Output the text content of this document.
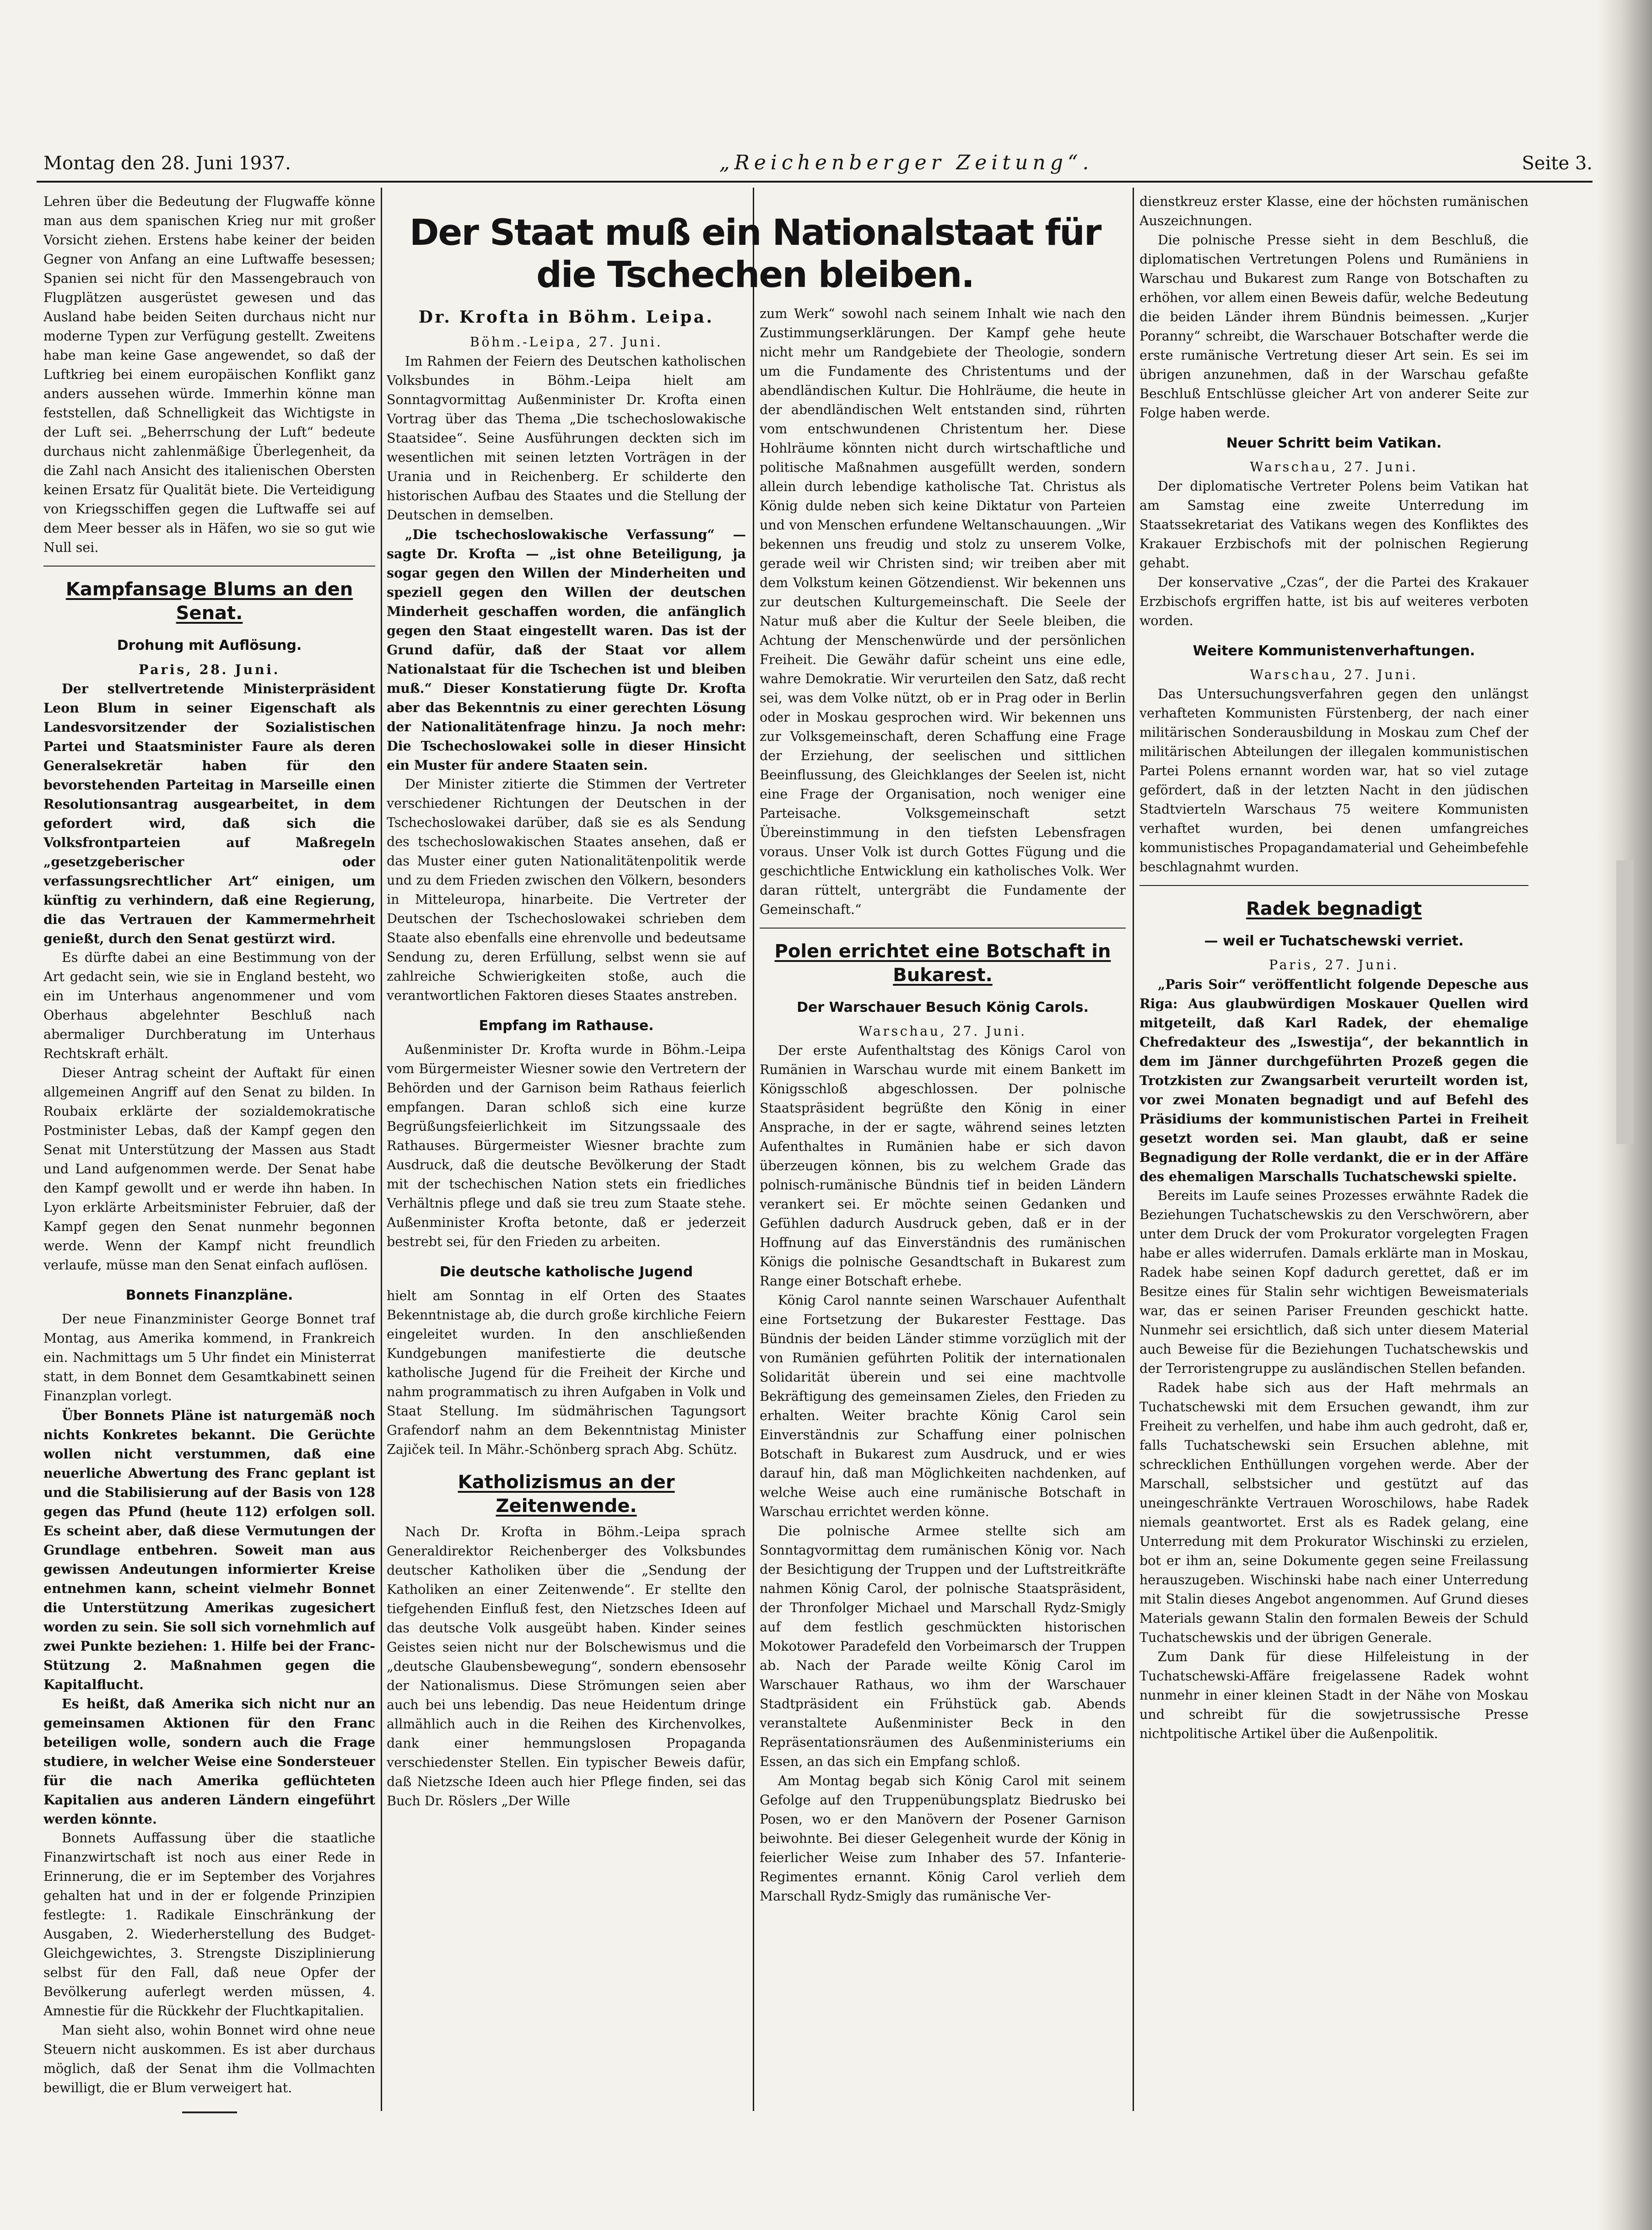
Montag den 28. Juni 1937.	„Reichenberger Zeitung“.	Seite 3.

Lehren über die Bedeutung der Flugwaffe könne man aus dem spanischen Krieg nur mit großer Vorsicht ziehen. Erstens habe keiner der beiden Gegner von Anfang an eine Luftwaffe besessen; Spanien sei nicht für den Massengebrauch von Flugplätzen ausgerüstet gewesen und das Ausland habe beiden Seiten durchaus nicht nur moderne Typen zur Verfügung gestellt. Zweitens habe man keine Gase angewendet, so daß der Luftkrieg bei einem europäischen Konflikt ganz anders aussehen würde. Immerhin könne man feststellen, daß Schnelligkeit das Wichtigste in der Luft sei. „Beherrschung der Luft“ bedeute durchaus nicht zahlenmäßige Überlegenheit, da die Zahl nach Ansicht des italienischen Obersten keinen Ersatz für Qualität biete. Die Verteidigung von Kriegsschiffen gegen die Luftwaffe sei auf dem Meer besser als in Häfen, wo sie so gut wie Null sei.

Kampfansage Blums an den Senat.
Drohung mit Auflösung.

Paris, 28. Juni.

Der stellvertretende Ministerpräsident Leon Blum in seiner Eigenschaft als Landesvorsitzender der Sozialistischen Partei und Staatsminister Faure als deren Generalsekretär haben für den bevorstehenden Parteitag in Marseille einen Resolutionsantrag ausgearbeitet, in dem gefordert wird, daß sich die Volksfrontparteien auf Maßregeln „gesetzgeberischer oder verfassungsrechtlicher Art“ einigen, um künftig zu verhindern, daß eine Regierung, die das Vertrauen der Kammermehrheit genießt, durch den Senat gestürzt wird.

Es dürfte dabei an eine Bestimmung von der Art gedacht sein, wie sie in England besteht, wo ein im Unterhaus angenommener und vom Oberhaus abgelehnter Beschluß nach abermaliger Durchberatung im Unterhaus Rechtskraft erhält.

Dieser Antrag scheint der Auftakt für einen allgemeinen Angriff auf den Senat zu bilden. In Roubaix erklärte der sozialdemokratische Postminister Lebas, daß der Kampf gegen den Senat mit Unterstützung der Massen aus Stadt und Land aufgenommen werde. Der Senat habe den Kampf gewollt und er werde ihn haben. In Lyon erklärte Arbeitsminister Februier, daß der Kampf gegen den Senat nunmehr begonnen werde. Wenn der Kampf nicht freundlich verlaufe, müsse man den Senat einfach auflösen.

Bonnets Finanzpläne.

Der neue Finanzminister George Bonnet traf Montag, aus Amerika kommend, in Frankreich ein. Nachmittags um 5 Uhr findet ein Ministerrat statt, in dem Bonnet dem Gesamtkabinett seinen Finanzplan vorlegt.

Über Bonnets Pläne ist naturgemäß noch nichts Konkretes bekannt. Die Gerüchte wollen nicht verstummen, daß eine neuerliche Abwertung des Franc geplant ist und die Stabilisierung auf der Basis von 128 gegen das Pfund (heute 112) erfolgen soll. Es scheint aber, daß diese Vermutungen der Grundlage entbehren. Soweit man aus gewissen Andeutungen informierter Kreise entnehmen kann, scheint vielmehr Bonnet die Unterstützung Amerikas zugesichert worden zu sein. Sie soll sich vornehmlich auf zwei Punkte beziehen: 1. Hilfe bei der Franc-Stützung 2. Maßnahmen gegen die Kapitalflucht.

Es heißt, daß Amerika sich nicht nur an gemeinsamen Aktionen für den Franc beteiligen wolle, sondern auch die Frage studiere, in welcher Weise eine Sondersteuer für die nach Amerika geflüchteten Kapitalien aus anderen Ländern eingeführt werden könnte.

Bonnets Auffassung über die staatliche Finanzwirtschaft ist noch aus einer Rede in Erinnerung, die er im September des Vorjahres gehalten hat und in der er folgende Prinzipien festlegte: 1. Radikale Einschränkung der Ausgaben, 2. Wiederherstellung des Budget-Gleichgewichtes, 3. Strengste Disziplinierung selbst für den Fall, daß neue Opfer der Bevölkerung auferlegt werden müssen, 4. Amnestie für die Rückkehr der Fluchtkapitalien.

Man sieht also, wohin Bonnet wird ohne neue Steuern nicht auskommen. Es ist aber durchaus möglich, daß der Senat ihm die Vollmachten bewilligt, die er Blum verweigert hat.

Der Staat muß ein Nationalstaat für die Tschechen bleiben.
Dr. Krofta in Böhm. Leipa.

Böhm.-Leipa, 27. Juni.

Im Rahmen der Feiern des Deutschen katholischen Volksbundes in Böhm.-Leipa hielt am Sonntagvormittag Außenminister Dr. Krofta einen Vortrag über das Thema „Die tschechoslowakische Staatsidee“. Seine Ausführungen deckten sich im wesentlichen mit seinen letzten Vorträgen in der Urania und in Reichenberg. Er schilderte den historischen Aufbau des Staates und die Stellung der Deutschen in demselben.

„Die tschechoslowakische Verfassung“ — sagte Dr. Krofta — „ist ohne Beteiligung, ja sogar gegen den Willen der Minderheiten und speziell gegen den Willen der deutschen Minderheit geschaffen worden, die anfänglich gegen den Staat eingestellt waren. Das ist der Grund dafür, daß der Staat vor allem Nationalstaat für die Tschechen ist und bleiben muß.“ Dieser Konstatierung fügte Dr. Krofta aber das Bekenntnis zu einer gerechten Lösung der Nationalitätenfrage hinzu. Ja noch mehr: Die Tschechoslowakei solle in dieser Hinsicht ein Muster für andere Staaten sein.

Der Minister zitierte die Stimmen der Vertreter verschiedener Richtungen der Deutschen in der Tschechoslowakei darüber, daß sie es als Sendung des tschechoslowakischen Staates ansehen, daß er das Muster einer guten Nationalitätenpolitik werde und zu dem Frieden zwischen den Völkern, besonders in Mitteleuropa, hinarbeite. Die Vertreter der Deutschen der Tschechoslowakei schrieben dem Staate also ebenfalls eine ehrenvolle und bedeutsame Sendung zu, deren Erfüllung, selbst wenn sie auf zahlreiche Schwierigkeiten stoße, auch die verantwortlichen Faktoren dieses Staates anstreben.

Empfang im Rathause.

Außenminister Dr. Krofta wurde in Böhm.-Leipa vom Bürgermeister Wiesner sowie den Vertretern der Behörden und der Garnison beim Rathaus feierlich empfangen. Daran schloß sich eine kurze Begrüßungsfeierlichkeit im Sitzungssaale des Rathauses. Bürgermeister Wiesner brachte zum Ausdruck, daß die deutsche Bevölkerung der Stadt mit der tschechischen Nation stets ein friedliches Verhältnis pflege und daß sie treu zum Staate stehe. Außenminister Krofta betonte, daß er jederzeit bestrebt sei, für den Frieden zu arbeiten.

Die deutsche katholische Jugend

hielt am Sonntag in elf Orten des Staates Bekenntnistage ab, die durch große kirchliche Feiern eingeleitet wurden. In den anschließenden Kundgebungen manifestierte die deutsche katholische Jugend für die Freiheit der Kirche und nahm programmatisch zu ihren Aufgaben in Volk und Staat Stellung. Im südmährischen Tagungsort Grafendorf nahm an dem Bekenntnistag Minister Zajiček teil. In Mähr.-Schönberg sprach Abg. Schütz.

Katholizismus an der Zeitenwende.

Nach Dr. Krofta in Böhm.-Leipa sprach Generaldirektor Reichenberger des Volksbundes deutscher Katholiken über die „Sendung der Katholiken an einer Zeitenwende“. Er stellte den tiefgehenden Einfluß fest, den Nietzsches Ideen auf das deutsche Volk ausgeübt haben. Kinder seines Geistes seien nicht nur der Bolschewismus und die „deutsche Glaubensbewegung“, sondern ebensosehr der Nationalismus. Diese Strömungen seien aber auch bei uns lebendig. Das neue Heidentum dringe allmählich auch in die Reihen des Kirchenvolkes, dank einer hemmungslosen Propaganda verschiedenster Stellen. Ein typischer Beweis dafür, daß Nietzsche Ideen auch hier Pflege finden, sei das Buch Dr. Röslers „Der Wille

zum Werk“ sowohl nach seinem Inhalt wie nach den Zustimmungserklärungen. Der Kampf gehe heute nicht mehr um Randgebiete der Theologie, sondern um die Fundamente des Christentums und der abendländischen Kultur. Die Hohlräume, die heute in der abendländischen Welt entstanden sind, rührten vom entschwundenen Christentum her. Diese Hohlräume könnten nicht durch wirtschaftliche und politische Maßnahmen ausgefüllt werden, sondern allein durch lebendige katholische Tat. Christus als König dulde neben sich keine Diktatur von Parteien und von Menschen erfundene Weltanschauungen. „Wir bekennen uns freudig und stolz zu unserem Volke, gerade weil wir Christen sind; wir treiben aber mit dem Volkstum keinen Götzendienst. Wir bekennen uns zur deutschen Kulturgemeinschaft. Die Seele der Natur muß aber die Kultur der Seele bleiben, die Achtung der Menschenwürde und der persönlichen Freiheit. Die Gewähr dafür scheint uns eine edle, wahre Demokratie. Wir verurteilen den Satz, daß recht sei, was dem Volke nützt, ob er in Prag oder in Berlin oder in Moskau gesprochen wird. Wir bekennen uns zur Volksgemeinschaft, deren Schaffung eine Frage der Erziehung, der seelischen und sittlichen Beeinflussung, des Gleichklanges der Seelen ist, nicht eine Frage der Organisation, noch weniger eine Parteisache. Volksgemeinschaft setzt Übereinstimmung in den tiefsten Lebensfragen voraus. Unser Volk ist durch Gottes Fügung und die geschichtliche Entwicklung ein katholisches Volk. Wer daran rüttelt, untergräbt die Fundamente der Gemeinschaft.“

Polen errichtet eine Botschaft in Bukarest.
Der Warschauer Besuch König Carols.

Warschau, 27. Juni.

Der erste Aufenthaltstag des Königs Carol von Rumänien in Warschau wurde mit einem Bankett im Königsschloß abgeschlossen. Der polnische Staatspräsident begrüßte den König in einer Ansprache, in der er sagte, während seines letzten Aufenthaltes in Rumänien habe er sich davon überzeugen können, bis zu welchem Grade das polnisch-rumänische Bündnis tief in beiden Ländern verankert sei. Er möchte seinen Gedanken und Gefühlen dadurch Ausdruck geben, daß er in der Hoffnung auf das Einverständnis des rumänischen Königs die polnische Gesandtschaft in Bukarest zum Range einer Botschaft erhebe.

König Carol nannte seinen Warschauer Aufenthalt eine Fortsetzung der Bukarester Festtage. Das Bündnis der beiden Länder stimme vorzüglich mit der von Rumänien geführten Politik der internationalen Solidarität überein und sei eine machtvolle Bekräftigung des gemeinsamen Zieles, den Frieden zu erhalten. Weiter brachte König Carol sein Einverständnis zur Schaffung einer polnischen Botschaft in Bukarest zum Ausdruck, und er wies darauf hin, daß man Möglichkeiten nachdenken, auf welche Weise auch eine rumänische Botschaft in Warschau errichtet werden könne.

Die polnische Armee stellte sich am Sonntagvormittag dem rumänischen König vor. Nach der Besichtigung der Truppen und der Luftstreitkräfte nahmen König Carol, der polnische Staatspräsident, der Thronfolger Michael und Marschall Rydz-Smigly auf dem festlich geschmückten historischen Mokotower Paradefeld den Vorbeimarsch der Truppen ab. Nach der Parade weilte König Carol im Warschauer Rathaus, wo ihm der Warschauer Stadtpräsident ein Frühstück gab. Abends veranstaltete Außenminister Beck in den Repräsentationsräumen des Außenministeriums ein Essen, an das sich ein Empfang schloß.

Am Montag begab sich König Carol mit seinem Gefolge auf den Truppenübungsplatz Biedrusko bei Posen, wo er den Manövern der Posener Garnison beiwohnte. Bei dieser Gelegenheit wurde der König in feierlicher Weise zum Inhaber des 57. Infanterie-Regimentes ernannt. König Carol verlieh dem Marschall Rydz-Smigly das rumänische Ver-

dienstkreuz erster Klasse, eine der höchsten rumänischen Auszeichnungen.

Die polnische Presse sieht in dem Beschluß, die diplomatischen Vertretungen Polens und Rumäniens in Warschau und Bukarest zum Range von Botschaften zu erhöhen, vor allem einen Beweis dafür, welche Bedeutung die beiden Länder ihrem Bündnis beimessen. „Kurjer Poranny“ schreibt, die Warschauer Botschafter werde die erste rumänische Vertretung dieser Art sein. Es sei im übrigen anzunehmen, daß in der Warschau gefaßte Beschluß Entschlüsse gleicher Art von anderer Seite zur Folge haben werde.

Neuer Schritt beim Vatikan.

Warschau, 27. Juni.

Der diplomatische Vertreter Polens beim Vatikan hat am Samstag eine zweite Unterredung im Staatssekretariat des Vatikans wegen des Konfliktes des Krakauer Erzbischofs mit der polnischen Regierung gehabt.

Der konservative „Czas“, der die Partei des Krakauer Erzbischofs ergriffen hatte, ist bis auf weiteres verboten worden.

Weitere Kommunistenverhaftungen.

Warschau, 27. Juni.

Das Untersuchungsverfahren gegen den unlängst verhafteten Kommunisten Fürstenberg, der nach einer militärischen Sonderausbildung in Moskau zum Chef der militärischen Abteilungen der illegalen kommunistischen Partei Polens ernannt worden war, hat so viel zutage gefördert, daß in der letzten Nacht in den jüdischen Stadtvierteln Warschaus 75 weitere Kommunisten verhaftet wurden, bei denen umfangreiches kommunistisches Propagandamaterial und Geheimbefehle beschlagnahmt wurden.

Radek begnadigt
— weil er Tuchatschewski verriet.

Paris, 27. Juni.

„Paris Soir“ veröffentlicht folgende Depesche aus Riga: Aus glaubwürdigen Moskauer Quellen wird mitgeteilt, daß Karl Radek, der ehemalige Chefredakteur des „Iswestija“, der bekanntlich in dem im Jänner durchgeführten Prozeß gegen die Trotzkisten zur Zwangsarbeit verurteilt worden ist, vor zwei Monaten begnadigt und auf Befehl des Präsidiums der kommunistischen Partei in Freiheit gesetzt worden sei. Man glaubt, daß er seine Begnadigung der Rolle verdankt, die er in der Affäre des ehemaligen Marschalls Tuchatschewski spielte.

Bereits im Laufe seines Prozesses erwähnte Radek die Beziehungen Tuchatschewskis zu den Verschwörern, aber unter dem Druck der vom Prokurator vorgelegten Fragen habe er alles widerrufen. Damals erklärte man in Moskau, Radek habe seinen Kopf dadurch gerettet, daß er im Besitze eines für Stalin sehr wichtigen Beweismaterials war, das er seinen Pariser Freunden geschickt hatte. Nunmehr sei ersichtlich, daß sich unter diesem Material auch Beweise für die Beziehungen Tuchatschewskis und der Terroristengruppe zu ausländischen Stellen befanden.

Radek habe sich aus der Haft mehrmals an Tuchatschewski mit dem Ersuchen gewandt, ihm zur Freiheit zu verhelfen, und habe ihm auch gedroht, daß er, falls Tuchatschewski sein Ersuchen ablehne, mit schrecklichen Enthüllungen vorgehen werde. Aber der Marschall, selbstsicher und gestützt auf das uneingeschränkte Vertrauen Woroschilows, habe Radek niemals geantwortet. Erst als es Radek gelang, eine Unterredung mit dem Prokurator Wischinski zu erzielen, bot er ihm an, seine Dokumente gegen seine Freilassung herauszugeben. Wischinski habe nach einer Unterredung mit Stalin dieses Angebot angenommen. Auf Grund dieses Materials gewann Stalin den formalen Beweis der Schuld Tuchatschewskis und der übrigen Generale.

Zum Dank für diese Hilfeleistung in der Tuchatschewski-Affäre freigelassene Radek wohnt nunmehr in einer kleinen Stadt in der Nähe von Moskau und schreibt für die sowjetrussische Presse nichtpolitische Artikel über die Außenpolitik.
